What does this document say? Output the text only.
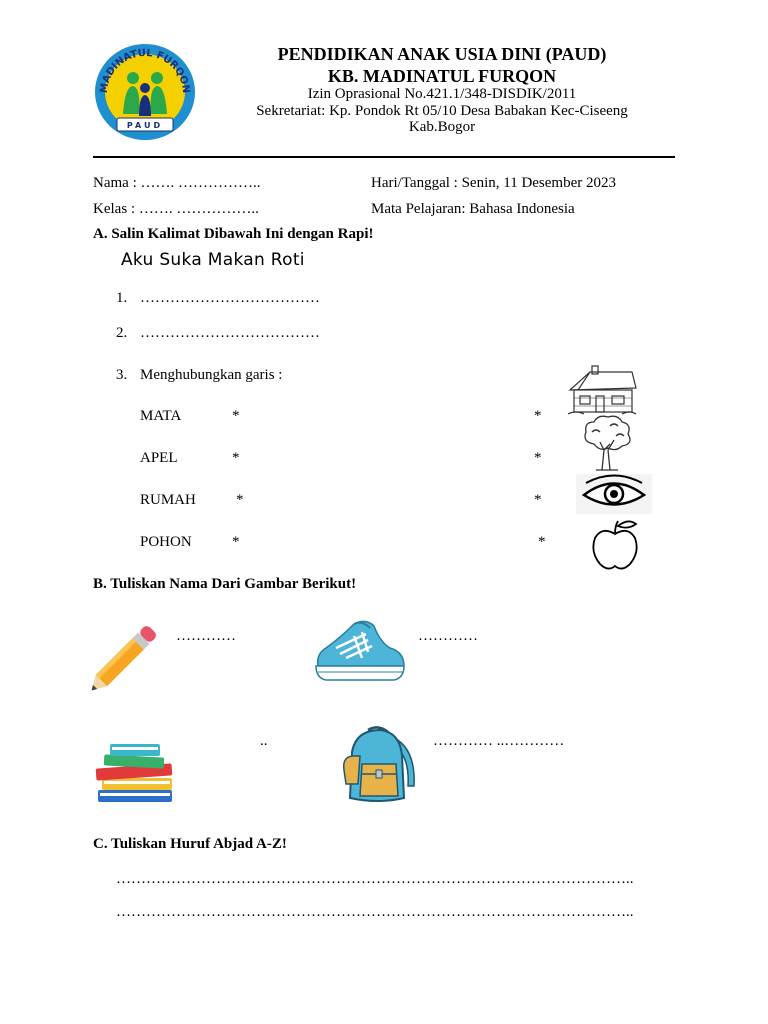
MADINATUL FURQON
PAUD
PENDIDIKAN ANAK USIA DINI (PAUD)
KB. MADINATUL FURQON
Izin Oprasional No.421.1/348-DISDIK/2011
Sekretariat: Kp. Pondok Rt 05/10 Desa Babakan Kec-Ciseeng
Kab.Bogor
Nama : ……. ……………..
Kelas : ……. ……………..
Hari/Tanggal : Senin, 11 Desember 2023
Mata Pelajaran: Bahasa Indonesia
A. Salin Kalimat Dibawah Ini dengan Rapi!
Aku Suka Makan Roti
1. ………………………………
2. ………………………………
3. Menghubungkan garis :
MATA
APEL
RUMAH
POHON
*
*
*
*
*
*
*
*
B. Tuliskan Nama Dari Gambar Berikut!
…………	…………
..	………… ..…………
C. Tuliskan Huruf Abjad A-Z!
…………………………………………………………………………………………..
…………………………………………………………………………………………..
